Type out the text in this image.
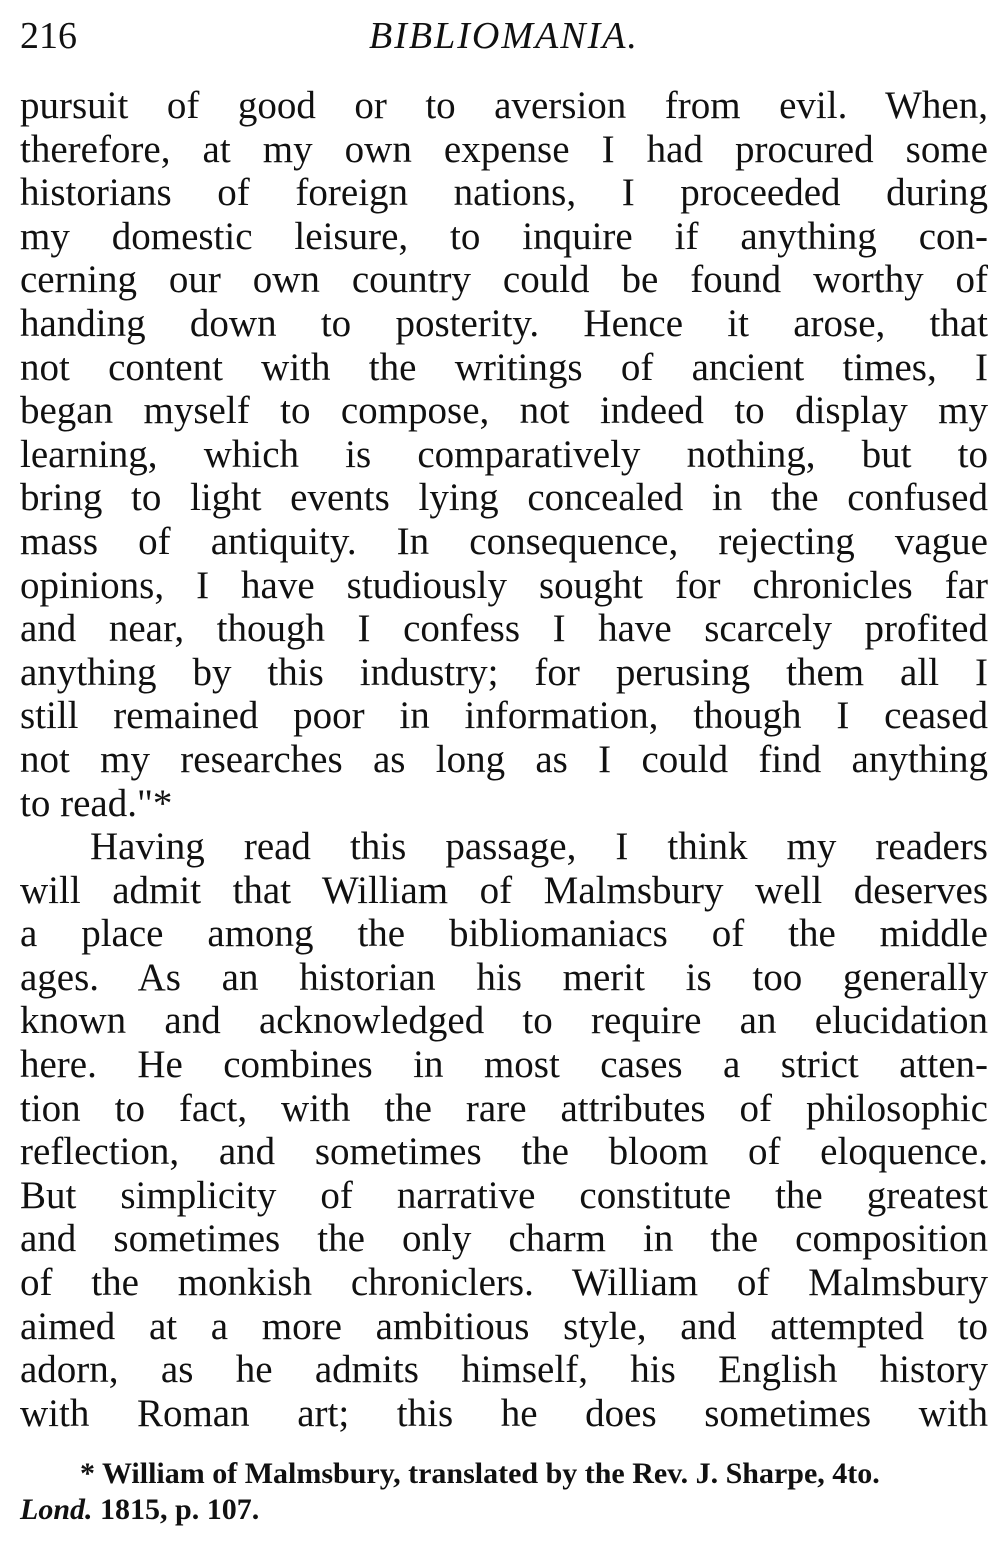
216	BIBLIOMANIA.
pursuit of good or to aversion from evil. When,
therefore, at my own expense I had procured some
historians of foreign nations, I proceeded during
my domestic leisure, to inquire if anything con-
cerning our own country could be found worthy of
handing down to posterity. Hence it arose, that
not content with the writings of ancient times, I
began myself to compose, not indeed to display my
learning, which is comparatively nothing, but to
bring to light events lying concealed in the confused
mass of antiquity. In consequence, rejecting vague
opinions, I have studiously sought for chronicles far
and near, though I confess I have scarcely profited
anything by this industry; for perusing them all I
still remained poor in information, though I ceased
not my researches as long as I could find anything
to read."*
Having read this passage, I think my readers
will admit that William of Malmsbury well deserves
a place among the bibliomaniacs of the middle
ages. As an historian his merit is too generally
known and acknowledged to require an elucidation
here. He combines in most cases a strict atten-
tion to fact, with the rare attributes of philosophic
reflection, and sometimes the bloom of eloquence.
But simplicity of narrative constitute the greatest
and sometimes the only charm in the composition
of the monkish chroniclers. William of Malmsbury
aimed at a more ambitious style, and attempted to
adorn, as he admits himself, his English history
with Roman art; this he does sometimes with
* William of Malmsbury, translated by the Rev. J. Sharpe, 4to.
Lond. 1815, p. 107.
